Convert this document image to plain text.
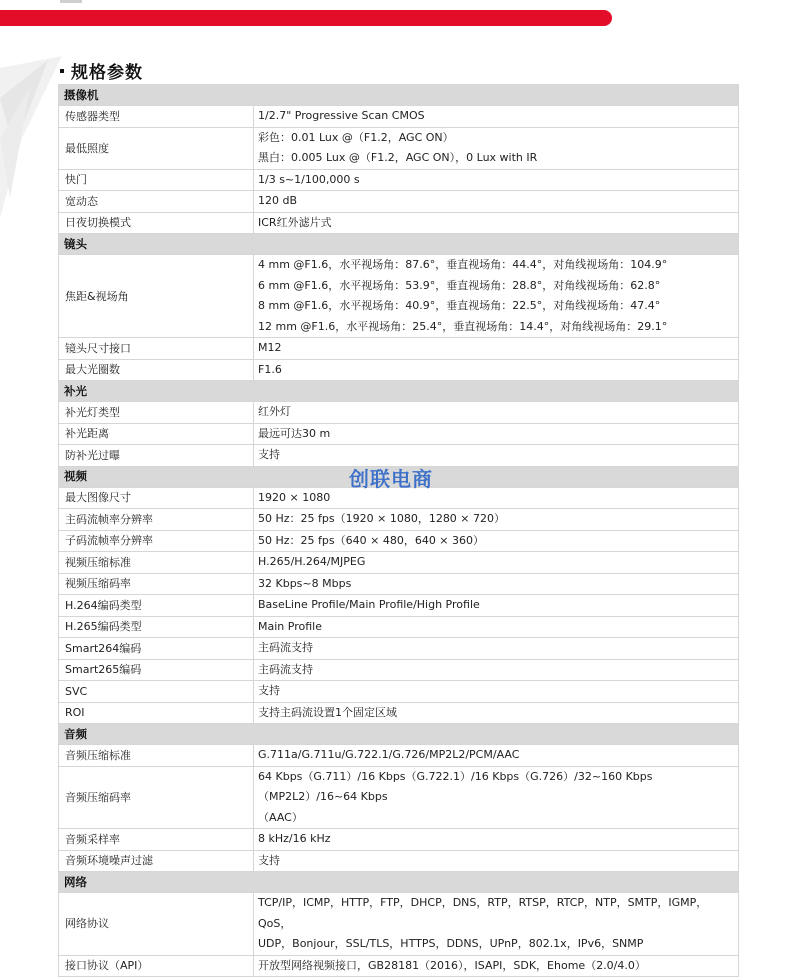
规格参数
摄像机	
传感器类型	1/2.7" Progressive Scan CMOS

最低照度	彩色：0.01 Lux @（F1.2，AGC ON）
黑白：0.005 Lux @（F1.2，AGC ON），0 Lux with IR

快门	1/3 s~1/100,000 s

宽动态	120 dB

日夜切换模式	ICR红外滤片式

镜头	
焦距&视场角	4 mm @F1.6，水平视场角：87.6°，垂直视场角：44.4°，对角线视场角：104.9°
6 mm @F1.6，水平视场角：53.9°，垂直视场角：28.8°，对角线视场角：62.8°
8 mm @F1.6，水平视场角：40.9°，垂直视场角：22.5°，对角线视场角：47.4°
12 mm @F1.6，水平视场角：25.4°，垂直视场角：14.4°，对角线视场角：29.1°

镜头尺寸接口	M12

最大光圈数	F1.6

补光	
补光灯类型	红外灯

补光距离	最远可达30 m

防补光过曝	支持

视频	
最大图像尺寸	1920 × 1080

主码流帧率分辨率	50 Hz：25 fps（1920 × 1080，1280 × 720）

子码流帧率分辨率	50 Hz：25 fps（640 × 480，640 × 360）

视频压缩标准	H.265/H.264/MJPEG

视频压缩码率	32 Kbps~8 Mbps

H.264编码类型	BaseLine Profile/Main Profile/High Profile

H.265编码类型	Main Profile

Smart264编码	主码流支持

Smart265编码	主码流支持

SVC	支持

ROI	支持主码流设置1个固定区域

音频	
音频压缩标准	G.711a/G.711u/G.722.1/G.726/MP2L2/PCM/AAC

音频压缩码率	64 Kbps（G.711）/16 Kbps（G.722.1）/16 Kbps（G.726）/32~160 Kbps（MP2L2）/16~64 Kbps
（AAC）

音频采样率	8 kHz/16 kHz

音频环境噪声过滤	支持

网络	
网络协议	TCP/IP，ICMP，HTTP，FTP，DHCP，DNS，RTP，RTSP，RTCP，NTP，SMTP，IGMP，QoS，
UDP，Bonjour，SSL/TLS，HTTPS，DDNS，UPnP，802.1x，IPv6，SNMP

接口协议（API）	开放型网络视频接口，GB28181（2016），ISAPI，SDK，Ehome（2.0/4.0）
创联电商
